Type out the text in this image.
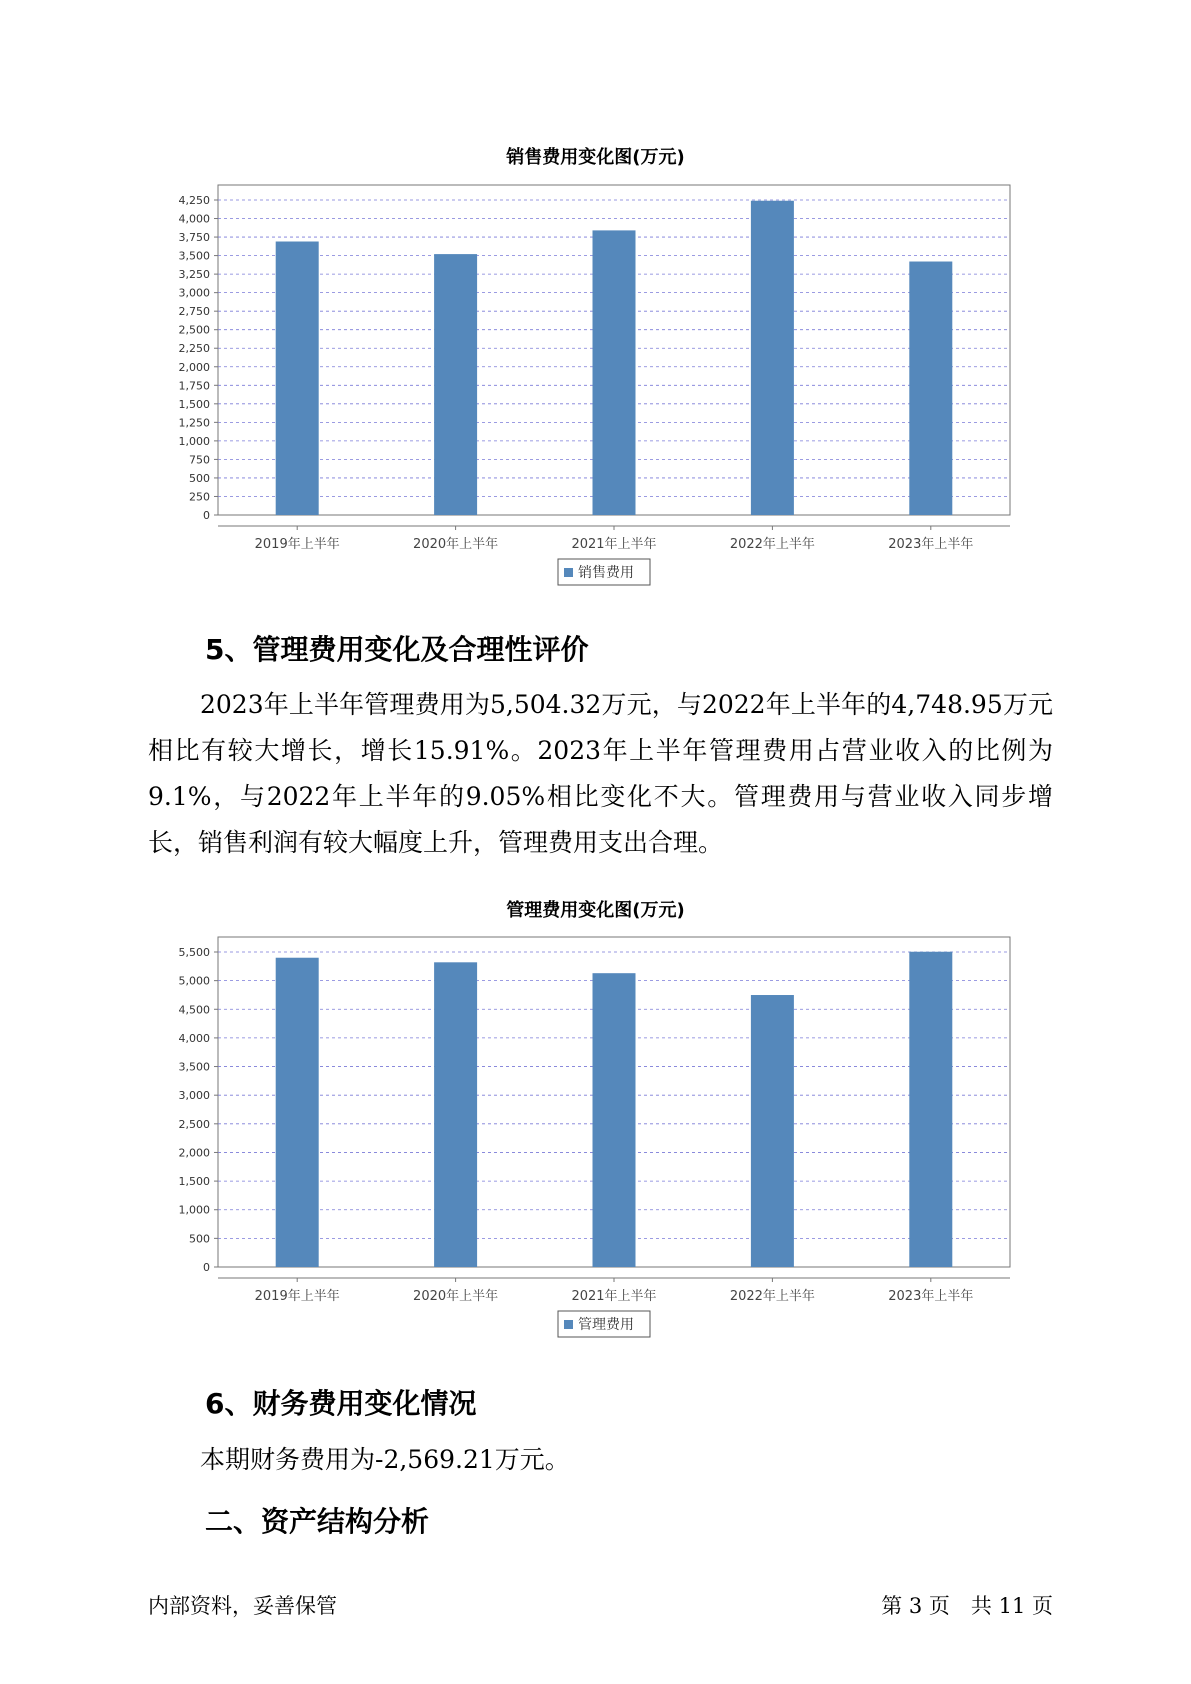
销售费用变化图(万元)
0
250
500
750
1,000
1,250
1,500
1,750
2,000
2,250
2,500
2,750
3,000
3,250
3,500
3,750
4,000
4,250
2019年上半年	2020年上半年	2021年上半年	2022年上半年	2023年上半年
销售费用
5、管理费用变化及合理性评价
2023年上半年管理费用为5,504.32万元，与2022年上半年的4,748.95万元相比有较大增长，增长15.91%。2023年上半年管理费用占营业收入的比例为9.1%，与2022年上半年的9.05%相比变化不大。管理费用与营业收入同步增长，销售利润有较大幅度上升，管理费用支出合理。
管理费用变化图(万元)
0
500
1,000
1,500
2,000
2,500
3,000
3,500
4,000
4,500
5,000
5,500
2019年上半年	2020年上半年	2021年上半年	2022年上半年	2023年上半年
管理费用
6、财务费用变化情况
本期财务费用为-2,569.21万元。
二、资产结构分析
内部资料，妥善保管	第 3 页　共 11 页
